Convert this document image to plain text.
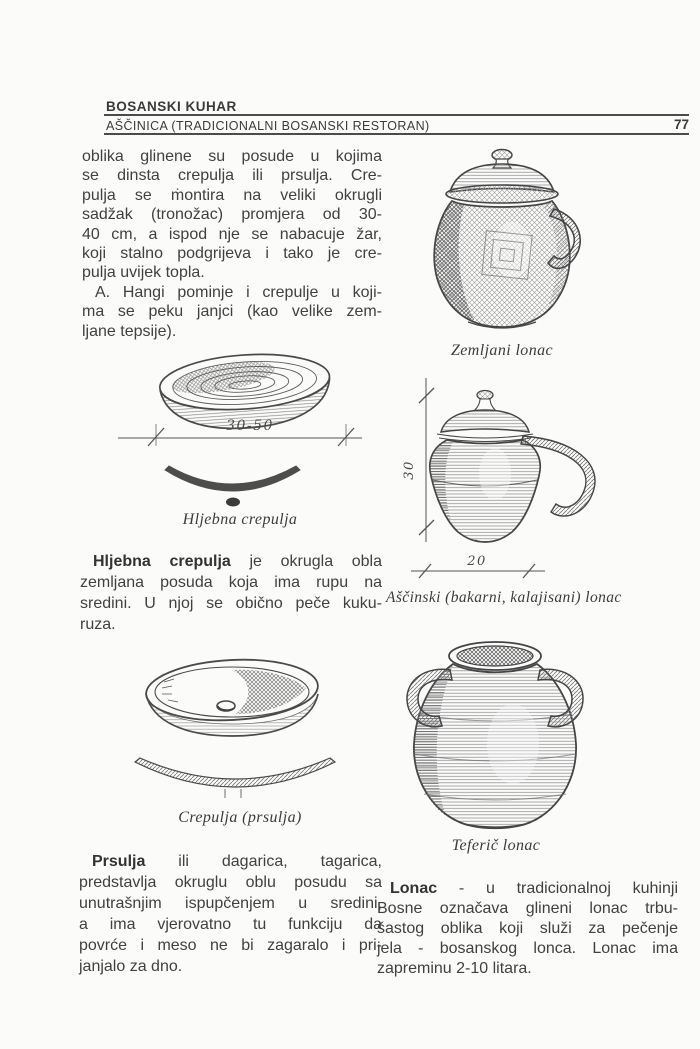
BOSANSKI KUHAR
AŠČINICA (TRADICIONALNI BOSANSKI RESTORAN)	77
oblika glinene su posude u kojima
se dinsta crepulja ili prsulja. Cre-
pulja se ṁontira na veliki okrugli
sadžak (tronožac) promjera od 30-
40 cm, a ispod nje se nabacuje žar,
koji stalno podgrijeva i tako je cre-
pulja uvijek topla.
A. Hangi pominje i crepulje u koji-
ma se peku janjci (kao velike zem-
ljane tepsije).
30-50
Hljebna crepulja
Hljebna crepulja je okrugla obla
zemljana posuda koja ima rupu na
sredini. U njoj se obično peče kuku-
ruza.
Crepulja (prsulja)
Prsulja ili dagarica, tagarica,
predstavlja okruglu oblu posudu sa
unutrašnjim ispupčenjem u sredini,
a ima vjerovatno tu funkciju da
povrće i meso ne bi zagaralo i pri-
janjalo za dno.
Zemljani lonac
30
20
Aščinski (bakarni, kalajisani) lonac
Teferič lonac
Lonac - u tradicionalnoj kuhinji
Bosne označava glineni lonac trbu-
šastog oblika koji služi za pečenje
jela - bosanskog lonca. Lonac ima
zapreminu 2-10 litara.
